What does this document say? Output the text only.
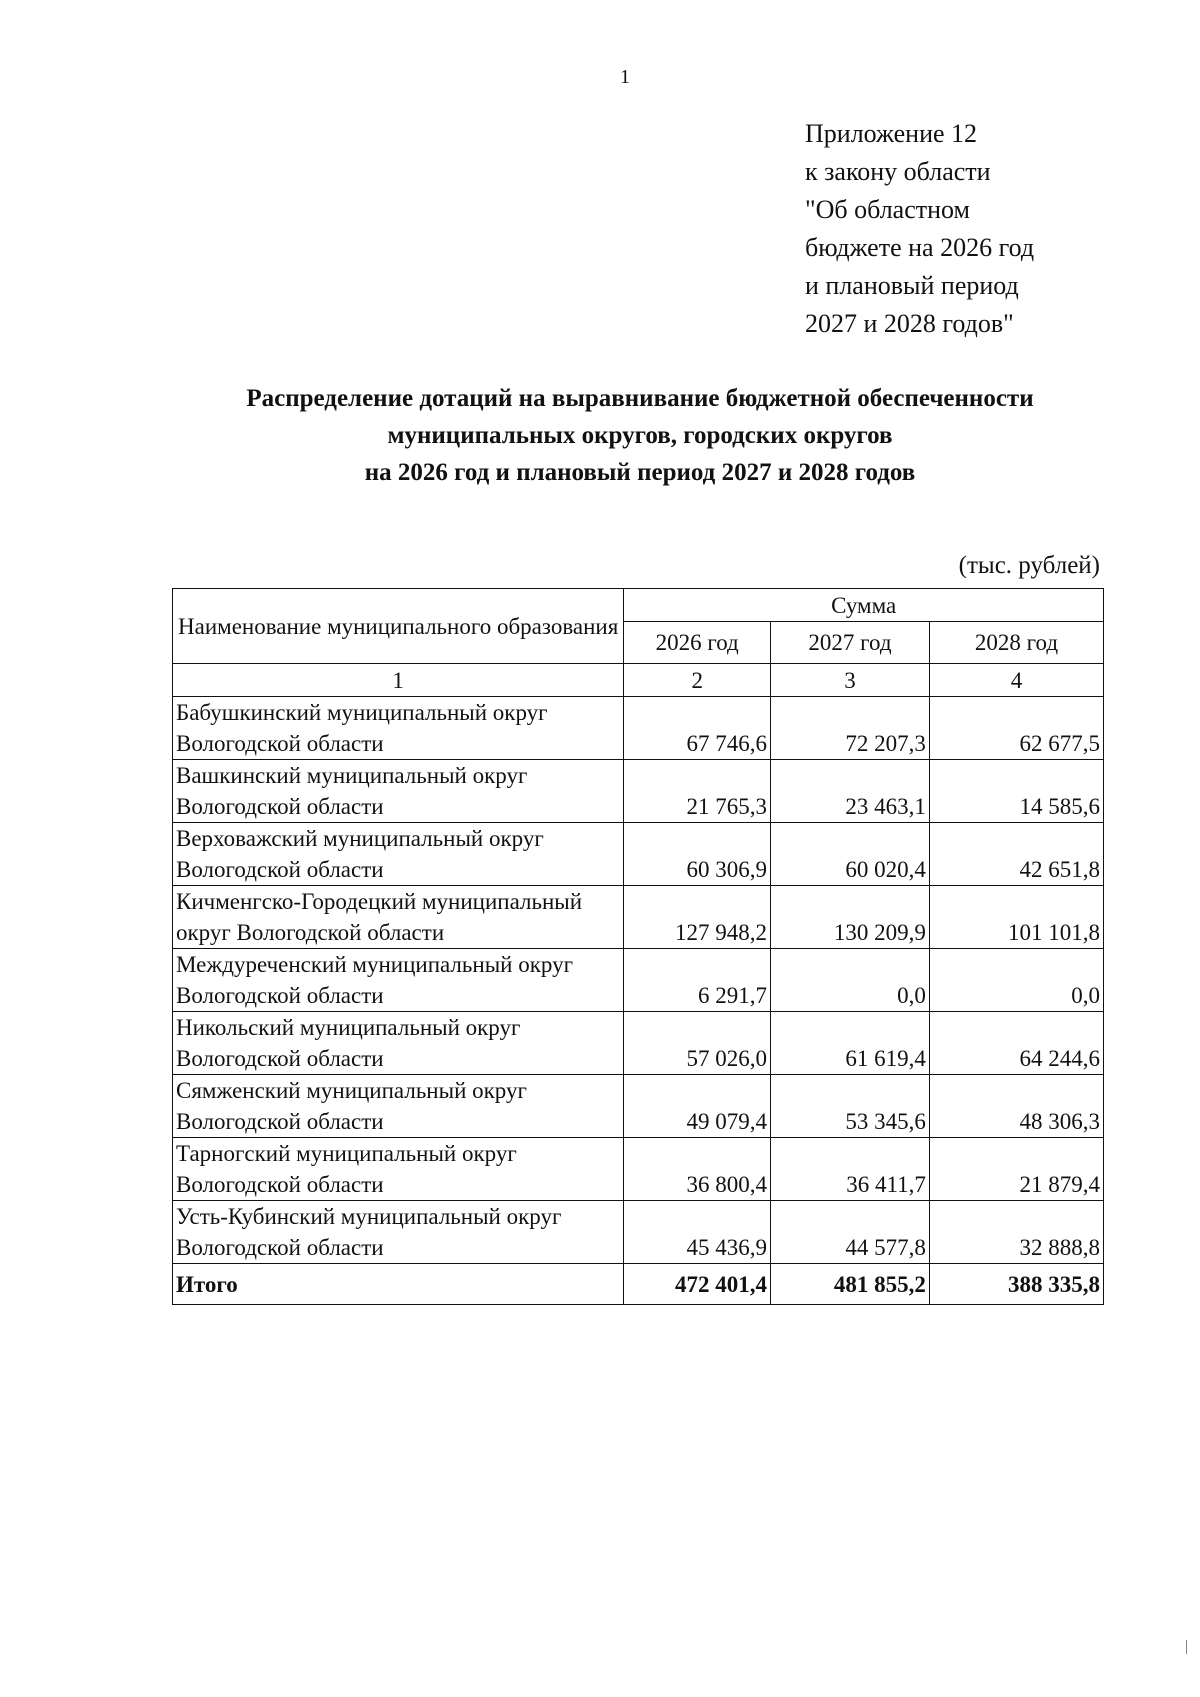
1
Приложение 12
к закону области
"Об областном
бюджете на 2026 год
и плановый период
2027 и 2028 годов"
Распределение дотаций на выравнивание бюджетной обеспеченности
муниципальных округов, городских округов
на 2026 год и плановый период 2027 и 2028 годов
(тыс. рублей)
Наименование муниципального образования	Сумма		
	2026 год	2027 год	2028 год
1	2	3	4

Бабушкинский муниципальный округ
Вологодской области	67 746,6	72 207,3	62 677,5

Вашкинский муниципальный округ
Вологодской области	21 765,3	23 463,1	14 585,6

Верховажский муниципальный округ
Вологодской области	60 306,9	60 020,4	42 651,8

Кичменгско-Городецкий муниципальный
округ Вологодской области	127 948,2	130 209,9	101 101,8

Междуреченский муниципальный округ
Вологодской области	6 291,7	0,0	0,0

Никольский муниципальный округ
Вологодской области	57 026,0	61 619,4	64 244,6

Сямженский муниципальный округ
Вологодской области	49 079,4	53 345,6	48 306,3

Тарногский муниципальный округ
Вологодской области	36 800,4	36 411,7	21 879,4

Усть-Кубинский муниципальный округ
Вологодской области	45 436,9	44 577,8	32 888,8
Итого	472 401,4	481 855,2	388 335,8
